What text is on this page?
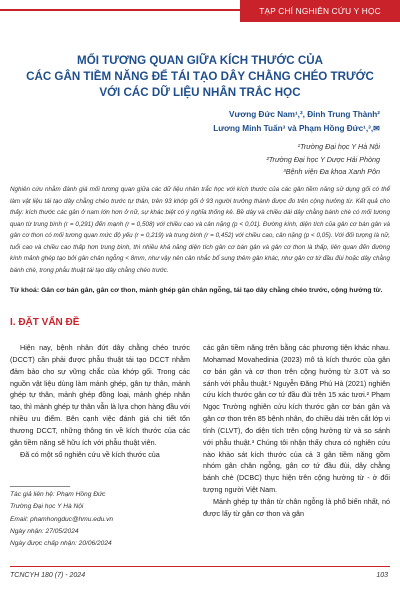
TẠP CHÍ NGHIÊN CỨU Y HỌC
MỐI TƯƠNG QUAN GIỮA KÍCH THƯỚC CỦA
CÁC GÂN TIỀM NĂNG ĐỂ TÁI TẠO DÂY CHẰNG CHÉO TRƯỚC
VỚI CÁC DỮ LIỆU NHÂN TRẮC HỌC
Vương Đức Nam¹,², Đinh Trung Thành²
Lương Minh Tuấn³ và Phạm Hồng Đức¹,³,✉
¹Trường Đại học Y Hà Nội
²Trường Đại học Y Dược Hải Phòng
³Bệnh viện Đa khoa Xanh Pôn
Nghiên cứu nhằm đánh giá mối tương quan giữa các dữ liệu nhân trắc học với kích thước của các gân tiềm năng sử dụng gối có thể làm vật liệu tái tạo dây chằng chéo trước tự thân, trên 93 khớp gối ở 93 người trưởng thành được đo trên cộng hưởng từ. Kết quả cho thấy: kích thước các gân ở nam lớn hơn ở nữ, sự khác biệt có ý nghĩa thống kê. Bề dày và chiều dài dây chằng bánh chè có mối tương quan từ trung bình (r = 0,291) đến mạnh (r = 0,508) với chiều cao và cân nặng (p < 0,01). Đường kính, diện tích của gân cơ bán gân và gân cơ thon có mối tương quan mức độ yếu (r = 0,219) và trung bình (r = 0,452) với chiều cao, cân nặng (p < 0,05). Với đối tượng là nữ, tuổi cao và chiều cao thấp hơn trung bình, thì nhiều khả năng diện tích gân cơ bán gân và gân cơ thon là thấp, liên quan đến đường kính mảnh ghép tạo bởi gân chân ngỗng < 8mm, như vậy nên cân nhắc bổ sung thêm gân khác, như gân cơ tứ đầu đùi hoặc dây chằng bánh chè, trong phẫu thuật tái tạo dây chằng chéo trước.
Từ khoá: Gân cơ bán gân, gân cơ thon, mảnh ghép gân chân ngỗng, tái tạo dây chằng chéo trước, cộng hưởng từ.
I. ĐẶT VẤN ĐỀ

Hiện nay, bệnh nhân đứt dây chằng chéo trước (DCCT) cần phải được phẫu thuật tái tạo DCCT nhằm đảm bảo cho sự vững chắc của khớp gối. Trong các nguồn vật liệu dùng làm mảnh ghép, gân tự thân, mảnh ghép tự thân, mảnh ghép đồng loại, mảnh ghép nhân tạo, thì mảnh ghép tự thân vẫn là lựa chọn hàng đầu với nhiều ưu điểm. Bên cạnh việc đánh giá chi tiết tổn thương DCCT, những thông tin về kích thước của các gân tiềm năng sẽ hữu ích với phẫu thuật viên.

Đã có một số nghiên cứu về kích thước của

các gân tiềm năng trên bằng các phương tiện khác nhau. Mohamad Movahedinia (2023) mô tả kích thước của gân cơ bán gân và cơ thon trên cộng hưởng từ 3.0T và so sánh với phẫu thuật.¹ Nguyễn Đăng Phú Hà (2021) nghiên cứu kích thước gân cơ tứ đầu đùi trên 15 xác tươi.² Phạm Ngọc Trường nghiên cứu kích thước gân cơ bán gân và gân cơ thon trên 85 bệnh nhân, đo chiều dài trên cắt lớp vi tính (CLVT), đo diện tích trên cộng hưởng từ và so sánh với phẫu thuật.³ Chúng tôi nhận thấy chưa có nghiên cứu nào khảo sát kích thước của cả 3 gân tiềm năng gồm nhóm gân chân ngỗng, gân cơ tứ đầu đùi, dây chằng bánh chè (DCBC) thực hiện trên cộng hưởng từ - ở đối tượng người Việt Nam.

Mảnh ghép tự thân từ chân ngỗng là phổ biến nhất, nó được lấy từ gân cơ thon và gân

Tác giả liên hệ: Phạm Hồng Đức
Trường Đại học Y Hà Nội
Email: phamhongduc@hmu.edu.vn
Ngày nhận: 27/05/2024
Ngày được chấp nhận: 20/06/2024
TCNCYH 180 (7) - 2024	103
